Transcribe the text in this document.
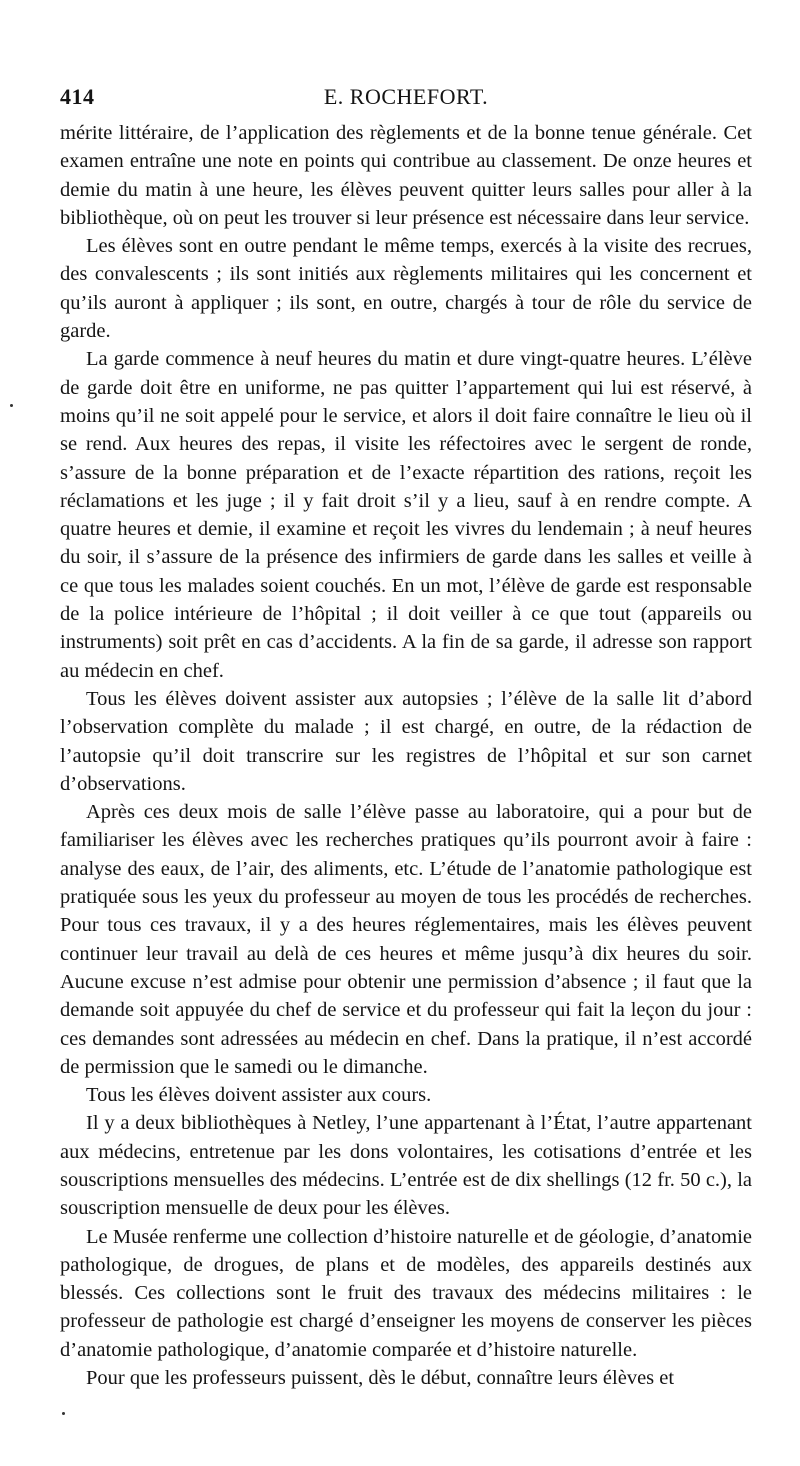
414	E. ROCHEFORT.

mérite littéraire, de l’application des règlements et de la bonne tenue générale. Cet examen entraîne une note en points qui contribue au classement. De onze heures et demie du matin à une heure, les élèves peuvent quitter leurs salles pour aller à la bibliothèque, où on peut les trouver si leur présence est nécessaire dans leur service.

Les élèves sont en outre pendant le même temps, exercés à la visite des recrues, des convalescents ; ils sont initiés aux règlements militaires qui les concernent et qu’ils auront à appliquer ; ils sont, en outre, chargés à tour de rôle du service de garde.

La garde commence à neuf heures du matin et dure vingt-quatre heures. L’élève de garde doit être en uniforme, ne pas quitter l’appartement qui lui est réservé, à moins qu’il ne soit appelé pour le service, et alors il doit faire connaître le lieu où il se rend. Aux heures des repas, il visite les réfectoires avec le sergent de ronde, s’assure de la bonne préparation et de l’exacte répartition des rations, reçoit les réclamations et les juge ; il y fait droit s’il y a lieu, sauf à en rendre compte. A quatre heures et demie, il examine et reçoit les vivres du lendemain ; à neuf heures du soir, il s’assure de la présence des infirmiers de garde dans les salles et veille à ce que tous les malades soient couchés. En un mot, l’élève de garde est responsable de la police intérieure de l’hôpital ; il doit veiller à ce que tout (appareils ou instruments) soit prêt en cas d’accidents. A la fin de sa garde, il adresse son rapport au médecin en chef.

Tous les élèves doivent assister aux autopsies ; l’élève de la salle lit d’abord l’observation complète du malade ; il est chargé, en outre, de la rédaction de l’autopsie qu’il doit transcrire sur les registres de l’hôpital et sur son carnet d’observations.

Après ces deux mois de salle l’élève passe au laboratoire, qui a pour but de familiariser les élèves avec les recherches pratiques qu’ils pourront avoir à faire : analyse des eaux, de l’air, des aliments, etc. L’étude de l’anatomie pathologique est pratiquée sous les yeux du professeur au moyen de tous les procédés de recherches. Pour tous ces travaux, il y a des heures réglementaires, mais les élèves peuvent continuer leur travail au delà de ces heures et même jusqu’à dix heures du soir. Aucune excuse n’est admise pour obtenir une permission d’absence ; il faut que la demande soit appuyée du chef de service et du professeur qui fait la leçon du jour : ces demandes sont adressées au médecin en chef. Dans la pratique, il n’est accordé de permission que le samedi ou le dimanche.

Tous les élèves doivent assister aux cours.

Il y a deux bibliothèques à Netley, l’une appartenant à l’État, l’autre appartenant aux médecins, entretenue par les dons volontaires, les cotisations d’entrée et les souscriptions mensuelles des médecins. L’entrée est de dix shellings (12 fr. 50 c.), la souscription mensuelle de deux pour les élèves.

Le Musée renferme une collection d’histoire naturelle et de géologie, d’anatomie pathologique, de drogues, de plans et de modèles, des appareils destinés aux blessés. Ces collections sont le fruit des travaux des médecins militaires : le professeur de pathologie est chargé d’enseigner les moyens de conserver les pièces d’anatomie pathologique, d’anatomie comparée et d’histoire naturelle.

Pour que les professeurs puissent, dès le début, connaître leurs élèves et
